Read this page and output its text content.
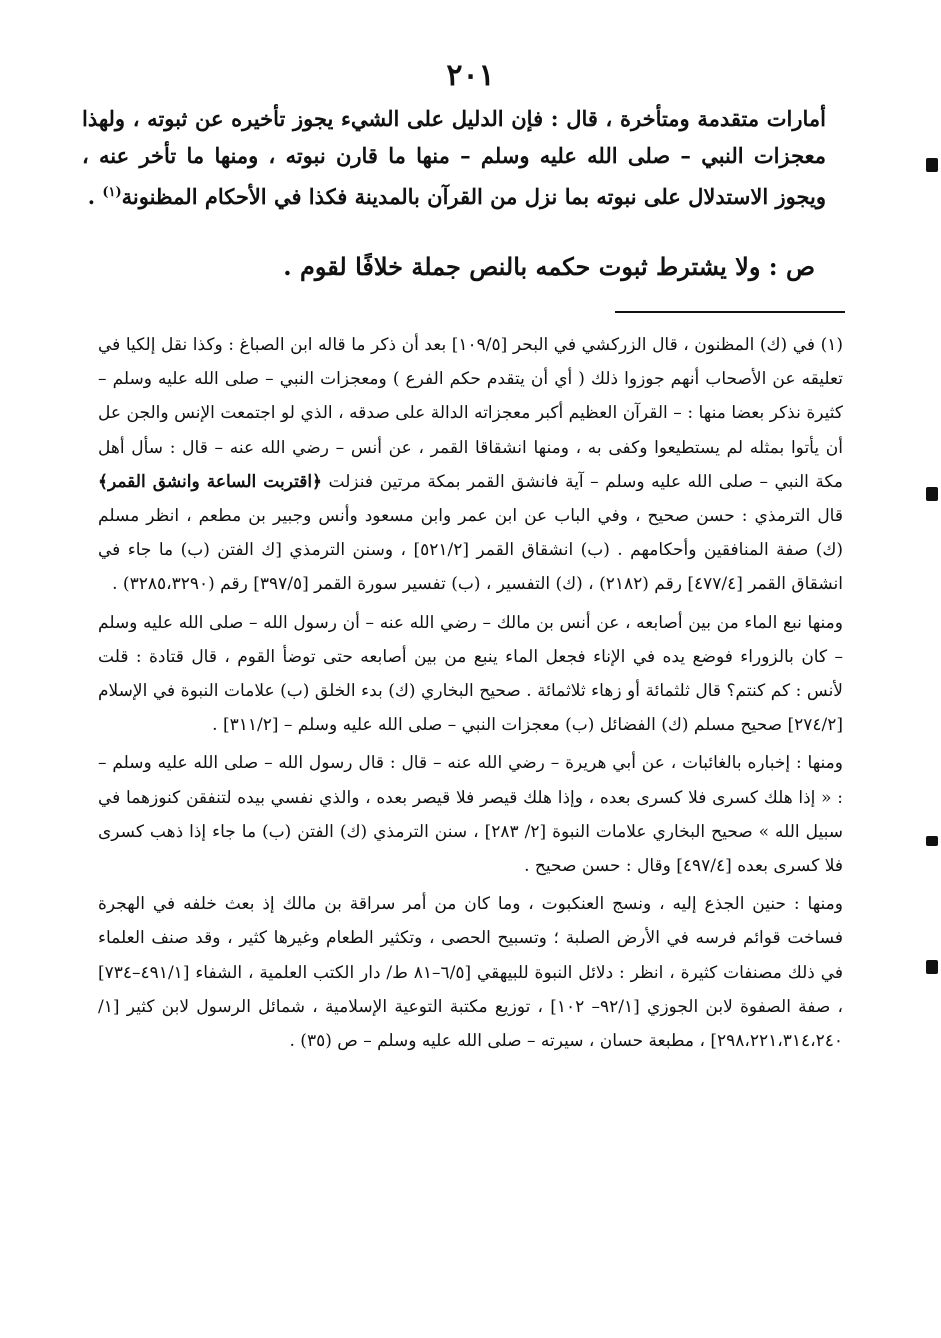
٢٠١

أمارات متقدمة ومتأخرة ، قال : فإن الدليل على الشيء يجوز تأخيره عن ثبوته ، ولهذا معجزات النبي – صلى الله عليه وسلم – منها ما قارن نبوته ، ومنها ما تأخر عنه ، ويجوز الاستدلال على نبوته بما نزل من القرآن بالمدينة فكذا في الأحكام المظنونة$^{(١)}$ .

ص : ولا يشترط ثبوت حكمه بالنص جملة خلافًا لقوم .

(١) في (ك) المظنون ، قال الزركشي في البحر [١٠٩/٥] بعد أن ذكر ما قاله ابن الصباغ : وكذا نقل إلكيا في تعليقه عن الأصحاب أنهم جوزوا ذلك ( أي أن يتقدم حكم الفرع ) ومعجزات النبي – صلى الله عليه وسلم – كثيرة نذكر بعضا منها : – القرآن العظيم أكبر معجزاته الدالة على صدقه ، الذي لو اجتمعت الإنس والجن عل أن يأتوا بمثله لم يستطيعوا وكفى به ، ومنها انشقاقا القمر ، عن أنس – رضي الله عنه – قال : سأل أهل مكة النبي – صلى الله عليه وسلم – آية فانشق القمر بمكة مرتين فنزلت ﴿اقتربت الساعة وانشق القمر﴾ قال الترمذي : حسن صحيح ، وفي الباب عن ابن عمر وابن مسعود وأنس وجبير بن مطعم ، انظر مسلم (ك) صفة المنافقين وأحكامهم . (ب) انشقاق القمر [٥٢١/٢] ، وسنن الترمذي [ك الفتن (ب) ما جاء في انشقاق القمر [٤٧٧/٤] رقم (٢١٨٢) ، (ك) التفسير ، (ب) تفسير سورة القمر [٣٩٧/٥] رقم (٣٢٨٥،٣٢٩٠) .

ومنها نبع الماء من بين أصابعه ، عن أنس بن مالك – رضي الله عنه – أن رسول الله – صلى الله عليه وسلم – كان بالزوراء فوضع يده في الإناء فجعل الماء ينبع من بين أصابعه حتى توضأ القوم ، قال قتادة : قلت لأنس : كم كنتم؟ قال ثلثمائة أو زهاء ثلاثمائة . صحيح البخاري (ك) بدء الخلق (ب) علامات النبوة في الإسلام [٢٧٤/٢] صحيح مسلم (ك) الفضائل (ب) معجزات النبي – صلى الله عليه وسلم – [٣١١/٢] .

ومنها : إخباره بالغائبات ، عن أبي هريرة – رضي الله عنه – قال : قال رسول الله – صلى الله عليه وسلم – : « إذا هلك كسرى فلا كسرى بعده ، وإذا هلك قيصر فلا قيصر بعده ، والذي نفسي بيده لتنفقن كنوزهما في سبيل الله » صحيح البخاري علامات النبوة [٢/ ٢٨٣] ، سنن الترمذي (ك) الفتن (ب) ما جاء إذا ذهب كسرى فلا كسرى بعده [٤٩٧/٤] وقال : حسن صحيح .

ومنها : حنين الجذع إليه ، ونسج العنكبوت ، وما كان من أمر سراقة بن مالك إذ بعث خلفه في الهجرة فساخت قوائم فرسه في الأرض الصلبة ؛ وتسبيح الحصى ، وتكثير الطعام وغيرها كثير ، وقد صنف العلماء في ذلك مصنفات كثيرة ، انظر : دلائل النبوة للبيهقي [٦/٥–٨١ ط/ دار الكتب العلمية ، الشفاء [٤٩١/١–٧٣٤] ، صفة الصفوة لابن الجوزي [٩٢/١– ١٠٢] ، توزيع مكتبة التوعية الإسلامية ، شمائل الرسول لابن كثير [١/ ٢٩٨،٢٢١،٣١٤،٢٤٠] ، مطبعة حسان ، سيرته – صلى الله عليه وسلم – ص (٣٥) .
